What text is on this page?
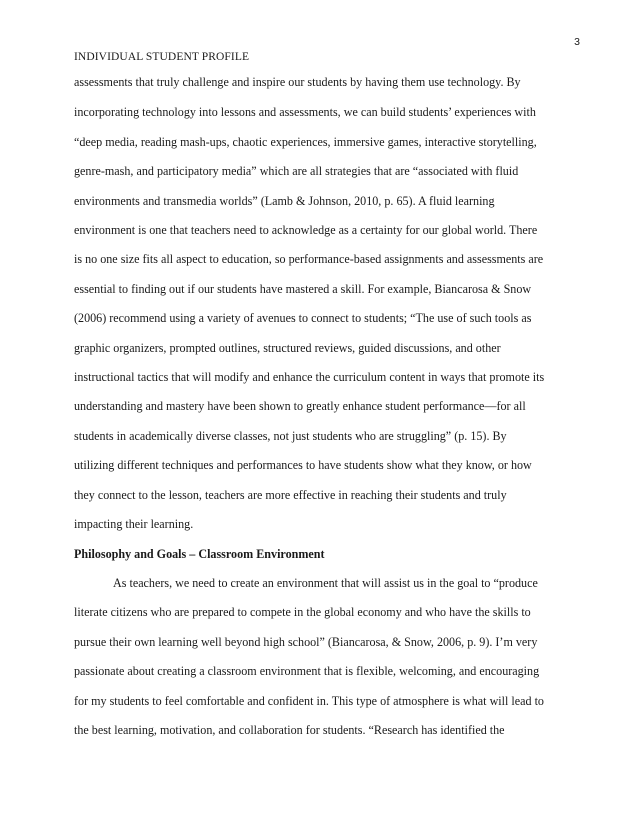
3
INDIVIDUAL STUDENT PROFILE
assessments that truly challenge and inspire our students by having them use technology. By
incorporating technology into lessons and assessments, we can build students’ experiences with
“deep media, reading mash-ups, chaotic experiences, immersive games, interactive storytelling,
genre-mash, and participatory media” which are all strategies that are “associated with fluid
environments and transmedia worlds” (Lamb & Johnson, 2010, p. 65). A fluid learning
environment is one that teachers need to acknowledge as a certainty for our global world. There
is no one size fits all aspect to education, so performance-based assignments and assessments are
essential to finding out if our students have mastered a skill. For example, Biancarosa & Snow
(2006) recommend using a variety of avenues to connect to students; “The use of such tools as
graphic organizers, prompted outlines, structured reviews, guided discussions, and other
instructional tactics that will modify and enhance the curriculum content in ways that promote its
understanding and mastery have been shown to greatly enhance student performance—for all
students in academically diverse classes, not just students who are struggling” (p. 15). By
utilizing different techniques and performances to have students show what they know, or how
they connect to the lesson, teachers are more effective in reaching their students and truly
impacting their learning.
Philosophy and Goals – Classroom Environment
As teachers, we need to create an environment that will assist us in the goal to “produce
literate citizens who are prepared to compete in the global economy and who have the skills to
pursue their own learning well beyond high school” (Biancarosa, & Snow, 2006, p. 9). I’m very
passionate about creating a classroom environment that is flexible, welcoming, and encouraging
for my students to feel comfortable and confident in. This type of atmosphere is what will lead to
the best learning, motivation, and collaboration for students. “Research has identified the
